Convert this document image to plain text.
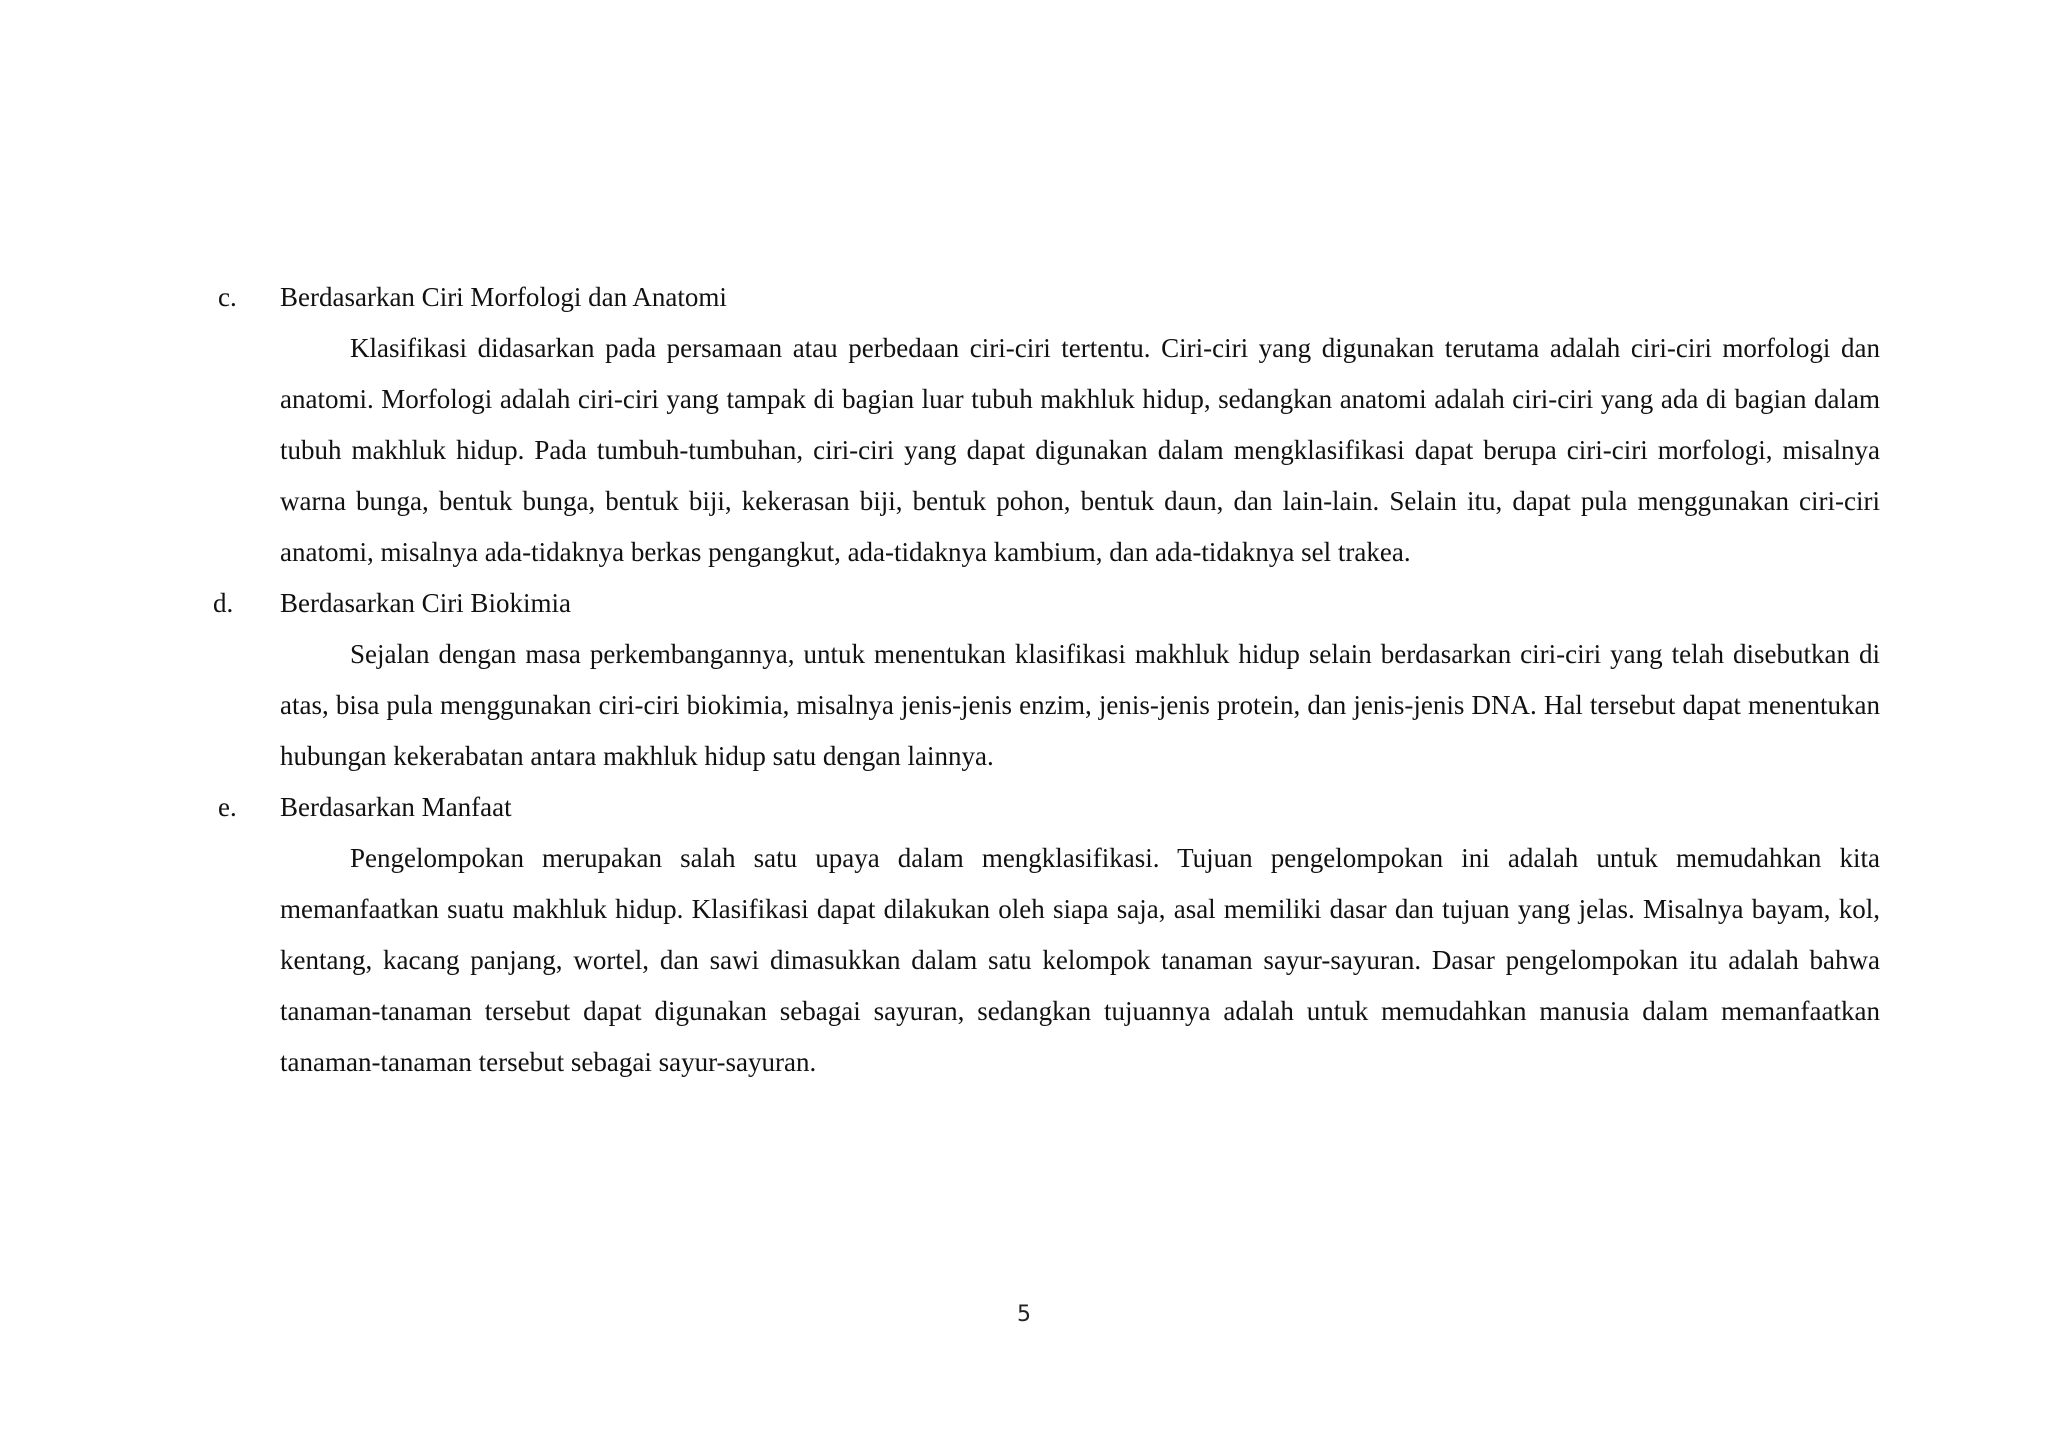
c.	Berdasarkan Ciri Morfologi dan Anatomi

Klasifikasi didasarkan pada persamaan atau perbedaan ciri-ciri tertentu. Ciri-ciri yang digunakan terutama adalah ciri-ciri morfologi dan anatomi. Morfologi adalah ciri-ciri yang tampak di bagian luar tubuh makhluk hidup, sedangkan anatomi adalah ciri-ciri yang ada di bagian dalam tubuh makhluk hidup. Pada tumbuh-tumbuhan, ciri-ciri yang dapat digunakan dalam mengklasifikasi dapat berupa ciri-ciri morfologi, misalnya warna bunga, bentuk bunga, bentuk biji, kekerasan biji, bentuk pohon, bentuk daun, dan lain-lain. Selain itu, dapat pula menggunakan ciri-ciri anatomi, misalnya ada-tidaknya berkas pengangkut, ada-tidaknya kambium, dan ada-tidaknya sel trakea.

d.	Berdasarkan Ciri Biokimia

Sejalan dengan masa perkembangannya, untuk menentukan klasifikasi makhluk hidup selain berdasarkan ciri-ciri yang telah disebutkan di atas, bisa pula menggunakan ciri-ciri biokimia, misalnya jenis-jenis enzim, jenis-jenis protein, dan jenis-jenis DNA. Hal tersebut dapat menentukan hubungan kekerabatan antara makhluk hidup satu dengan lainnya.

e.	Berdasarkan Manfaat

Pengelompokan merupakan salah satu upaya dalam mengklasifikasi. Tujuan pengelompokan ini adalah untuk memudahkan kita memanfaatkan suatu makhluk hidup. Klasifikasi dapat dilakukan oleh siapa saja, asal memiliki dasar dan tujuan yang jelas. Misalnya bayam, kol, kentang, kacang panjang, wortel, dan sawi dimasukkan dalam satu kelompok tanaman sayur-sayuran. Dasar pengelompokan itu adalah bahwa tanaman-tanaman tersebut dapat digunakan sebagai sayuran, sedangkan tujuannya adalah untuk memudahkan manusia dalam memanfaatkan tanaman-tanaman tersebut sebagai sayur-sayuran.

5
